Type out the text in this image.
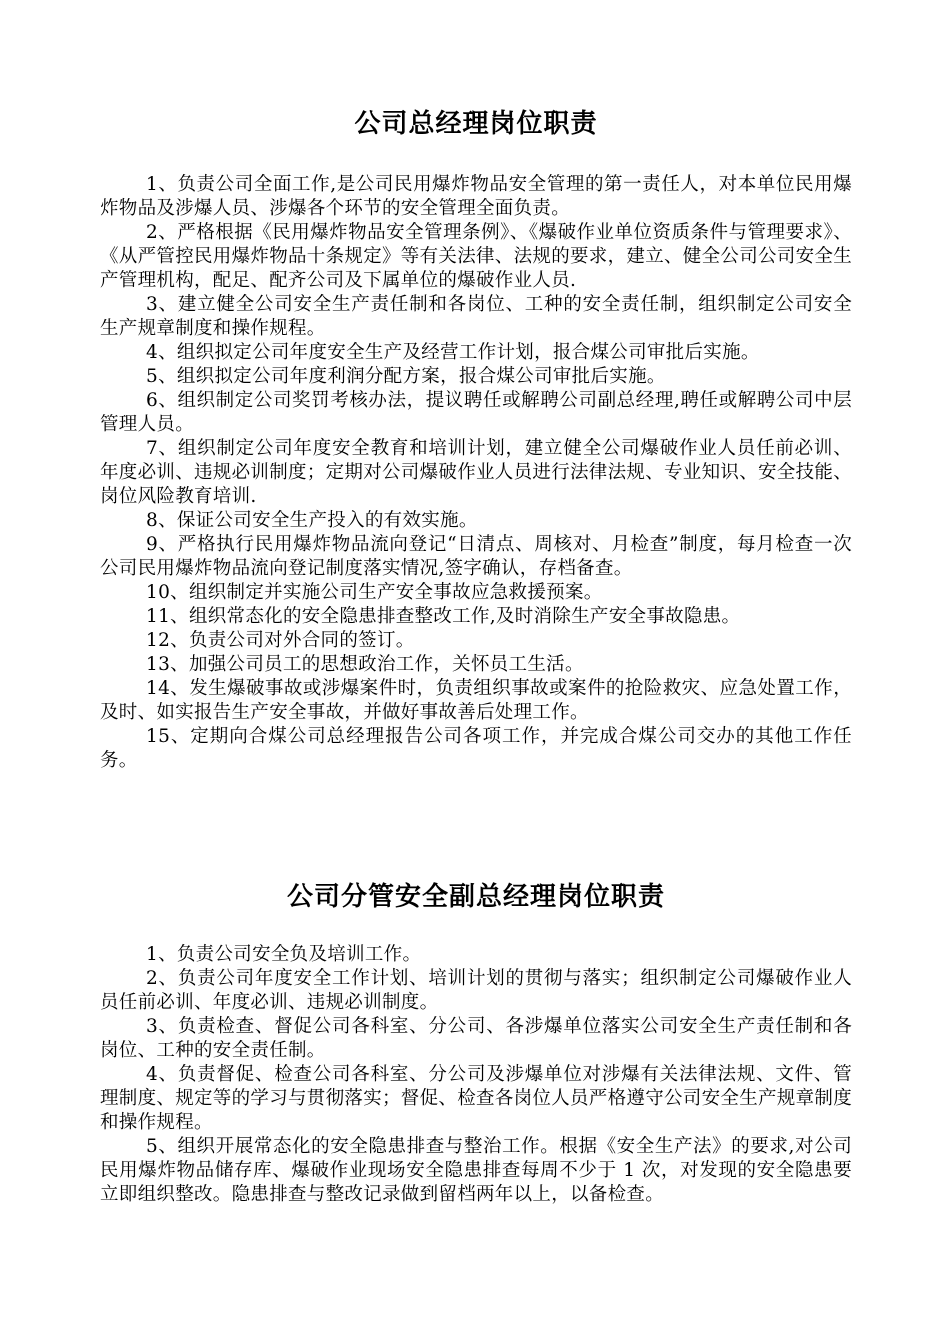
公司总经理岗位职责

1、负责公司全面工作,是公司民用爆炸物品安全管理的第一责任人，对本单位民用爆炸物品及涉爆人员、涉爆各个环节的安全管理全面负责。

2、严格根据《民用爆炸物品安全管理条例》、《爆破作业单位资质条件与管理要求》、《从严管控民用爆炸物品十条规定》等有关法律、法规的要求，建立、健全公司公司安全生产管理机构，配足、配齐公司及下属单位的爆破作业人员.

3、建立健全公司安全生产责任制和各岗位、工种的安全责任制，组织制定公司安全生产规章制度和操作规程。

4、组织拟定公司年度安全生产及经营工作计划，报合煤公司审批后实施。

5、组织拟定公司年度利润分配方案，报合煤公司审批后实施。

6、组织制定公司奖罚考核办法，提议聘任或解聘公司副总经理,聘任或解聘公司中层管理人员。

7、组织制定公司年度安全教育和培训计划，建立健全公司爆破作业人员任前必训、年度必训、违规必训制度；定期对公司爆破作业人员进行法律法规、专业知识、安全技能、岗位风险教育培训.

8、保证公司安全生产投入的有效实施。

9、严格执行民用爆炸物品流向登记“日清点、周核对、月检查”制度，每月检查一次公司民用爆炸物品流向登记制度落实情况,签字确认，存档备查。

10、组织制定并实施公司生产安全事故应急救援预案。

11、组织常态化的安全隐患排查整改工作,及时消除生产安全事故隐患。

12、负责公司对外合同的签订。

13、加强公司员工的思想政治工作，关怀员工生活。

14、发生爆破事故或涉爆案件时，负责组织事故或案件的抢险救灾、应急处置工作，及时、如实报告生产安全事故，并做好事故善后处理工作。

15、定期向合煤公司总经理报告公司各项工作，并完成合煤公司交办的其他工作任务。

公司分管安全副总经理岗位职责

1、负责公司安全负及培训工作。

2、负责公司年度安全工作计划、培训计划的贯彻与落实；组织制定公司爆破作业人员任前必训、年度必训、违规必训制度。

3、负责检查、督促公司各科室、分公司、各涉爆单位落实公司安全生产责任制和各岗位、工种的安全责任制。

4、负责督促、检查公司各科室、分公司及涉爆单位对涉爆有关法律法规、文件、管理制度、规定等的学习与贯彻落实；督促、检查各岗位人员严格遵守公司安全生产规章制度和操作规程。

5、组织开展常态化的安全隐患排查与整治工作。根据《安全生产法》的要求,对公司民用爆炸物品储存库、爆破作业现场安全隐患排查每周不少于 1 次，对发现的安全隐患要立即组织整改。隐患排查与整改记录做到留档两年以上，以备检查。
